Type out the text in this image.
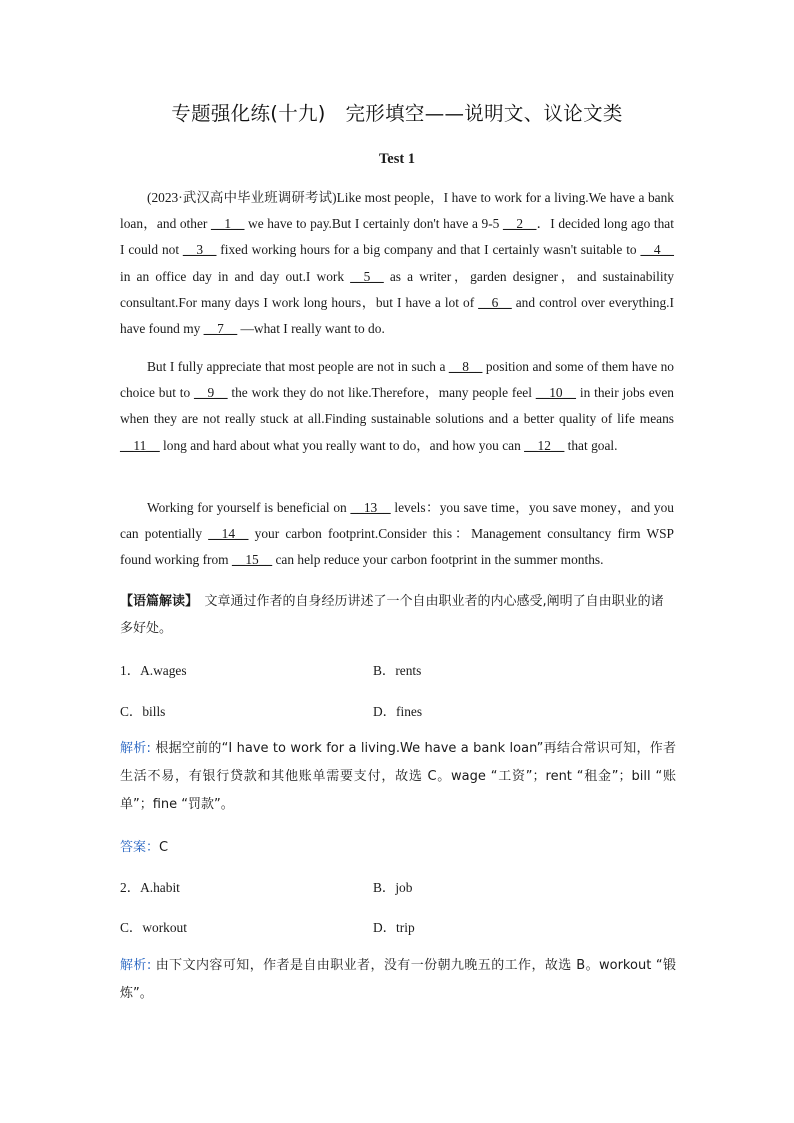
专题强化练(十九)　完形填空——说明文、议论文类
Test 1
(2023·武汉高中毕业班调研考试)Like most people，I have to work for a living.We have a bank loan，and other __1__ we have to pay.But I certainly don't have a 9-5 __2__．I decided long ago that I could not __3__ fixed working hours for a big company and that I certainly wasn't suitable to __4__ in an office day in and day out.I work __5__ as a writer，garden designer，and sustainability consultant.For many days I work long hours，but I have a lot of __6__ and control over everything.I have found my __7__ —what I really want to do.
But I fully appreciate that most people are not in such a __8__ position and some of them have no choice but to __9__ the work they do not like.Therefore，many people feel __10__ in their jobs even when they are not really stuck at all.Finding sustainable solutions and a better quality of life means __11__ long and hard about what you really want to do，and how you can __12__ that goal.
Working for yourself is beneficial on __13__ levels：you save time，you save money，and you can potentially __14__ your carbon footprint.Consider this：Management consultancy firm WSP found working from __15__ can help reduce your carbon footprint in the summer months.
【语篇解读】　文章通过作者的自身经历讲述了一个自由职业者的内心感受,阐明了自由职业的诸多好处。
1．A.wages	B．rents
C．bills	D．fines
解析: 根据空前的“I have to work for a living.We have a bank loan”再结合常识可知，作者生活不易，有银行贷款和其他账单需要支付，故选 C。wage “工资”；rent “租金”；bill “账单”；fine “罚款”。
答案：C
2．A.habit	B．job
C．workout	D．trip
解析: 由下文内容可知，作者是自由职业者，没有一份朝九晚五的工作，故选 B。workout “锻炼”。
